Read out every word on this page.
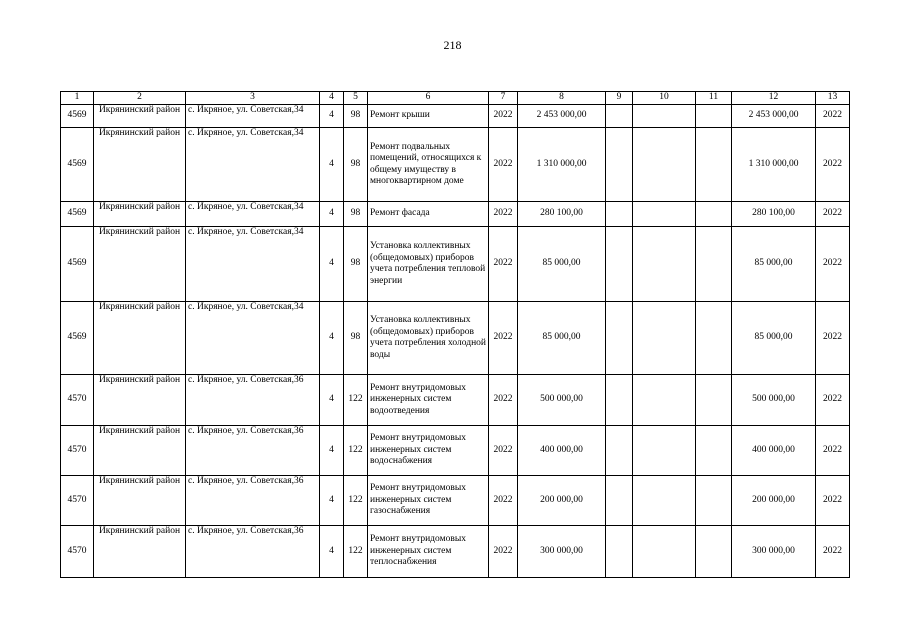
218
1	2	3	4	5	6	7	8	9	10	11	12	13
4569	Икрянинский район	с. Икряное, ул. Советская,34	4	98	Ремонт крыши	2022	2 453 000,00				2 453 000,00	2022
4569	Икрянинский район	с. Икряное, ул. Советская,34	4	98	Ремонт подвальных помещений, относящихся к общему имуществу в многоквартирном доме	2022	1 310 000,00				1 310 000,00	2022
4569	Икрянинский район	с. Икряное, ул. Советская,34	4	98	Ремонт фасада	2022	280 100,00				280 100,00	2022
4569	Икрянинский район	с. Икряное, ул. Советская,34	4	98	Установка коллективных (общедомовых) приборов учета потребления тепловой энергии	2022	85 000,00				85 000,00	2022
4569	Икрянинский район	с. Икряное, ул. Советская,34	4	98	Установка коллективных (общедомовых) приборов учета потребления холодной воды	2022	85 000,00				85 000,00	2022
4570	Икрянинский район	с. Икряное, ул. Советская,36	4	122	Ремонт внутридомовых инженерных систем водоотведения	2022	500 000,00				500 000,00	2022
4570	Икрянинский район	с. Икряное, ул. Советская,36	4	122	Ремонт внутридомовых инженерных систем водоснабжения	2022	400 000,00				400 000,00	2022
4570	Икрянинский район	с. Икряное, ул. Советская,36	4	122	Ремонт внутридомовых инженерных систем газоснабжения	2022	200 000,00				200 000,00	2022
4570	Икрянинский район	с. Икряное, ул. Советская,36	4	122	Ремонт внутридомовых инженерных систем теплоснабжения	2022	300 000,00				300 000,00	2022
